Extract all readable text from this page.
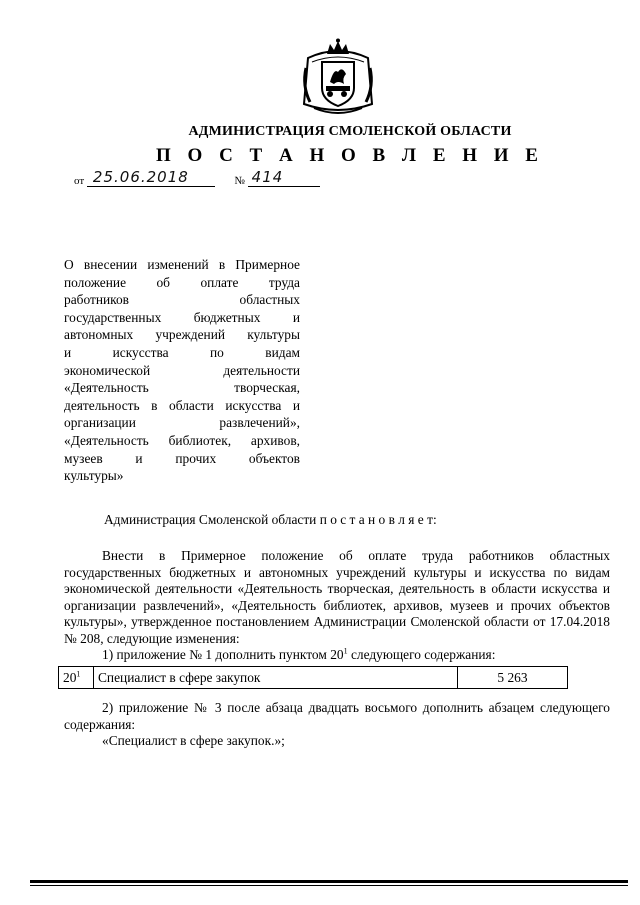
АДМИНИСТРАЦИЯ СМОЛЕНСКОЙ ОБЛАСТИ
П О С Т А Н О В Л Е Н И Е
от 25.06.2018	№ 414
О внесении изменений в Примерное
положение об оплате труда
работников областных
государственных бюджетных и
автономных учреждений культуры
и искусства по видам
экономической деятельности
«Деятельность творческая,
деятельность в области искусства и
организации развлечений»,
«Деятельность библиотек, архивов,
музеев и прочих объектов
культуры»
Администрация Смоленской области п о с т а н о в л я е т:
Внести в Примерное положение об оплате труда работников областных государственных бюджетных и автономных учреждений культуры и искусства по видам экономической деятельности «Деятельность творческая, деятельность в области искусства и организации развлечений», «Деятельность библиотек, архивов, музеев и прочих объектов культуры», утвержденное постановлением Администрации Смоленской области от 17.04.2018 № 208, следующие изменения:
1) приложение № 1 дополнить пунктом $20^1$ следующего содержания:
$20^1$	Специалист в сфере закупок	5 263
2) приложение № 3 после абзаца двадцать восьмого дополнить абзацем следующего содержания:
«Специалист в сфере закупок.»;
